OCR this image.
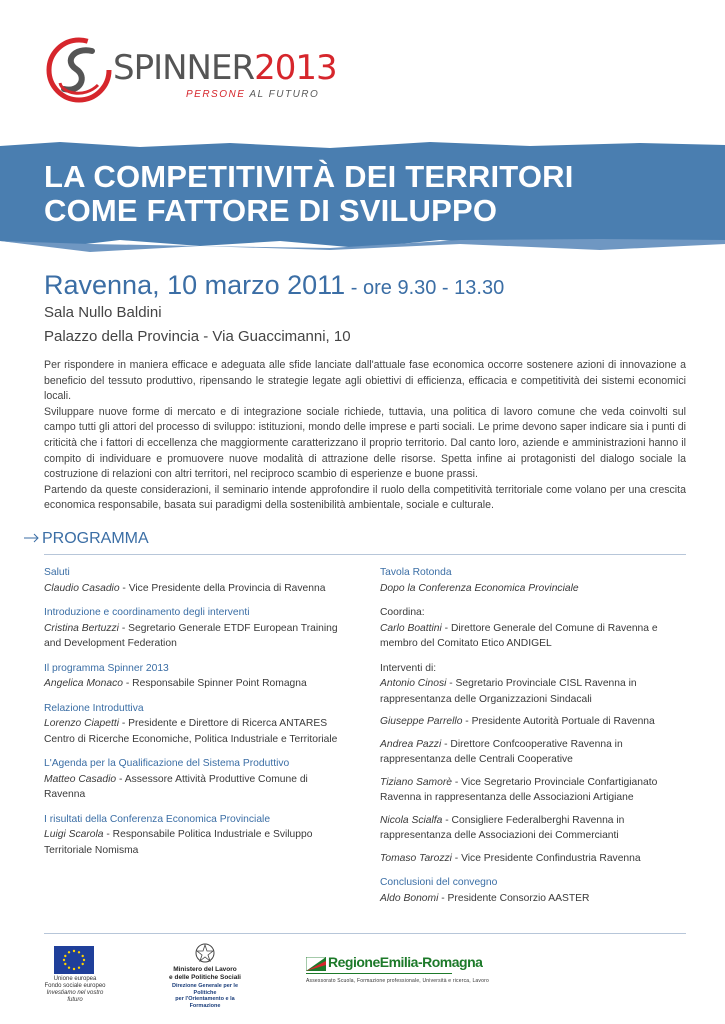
SPINNER2013
PERSONE AL FUTURO
LA COMPETITIVITÀ DEI TERRITORI
COME FATTORE DI SVILUPPO
Ravenna, 10 marzo 2011 - ore 9.30 - 13.30
Sala Nullo Baldini
Palazzo della Provincia - Via Guaccimanni, 10

Per rispondere in maniera efficace e adeguata alle sfide lanciate dall'attuale fase economica occorre sostenere azioni di innovazione a beneficio del tessuto produttivo, ripensando le strategie legate agli obiettivi di efficienza, efficacia e competitività dei sistemi economici locali.

Sviluppare nuove forme di mercato e di integrazione sociale richiede, tuttavia, una politica di lavoro comune che veda coinvolti sul campo tutti gli attori del processo di sviluppo: istituzioni, mondo delle imprese e parti sociali. Le prime devono saper indicare sia i punti di criticità che i fattori di eccellenza che maggiormente caratterizzano il proprio territorio. Dal canto loro, aziende e amministrazioni hanno il compito di individuare e promuovere nuove modalità di attrazione delle risorse. Spetta infine ai protagonisti del dialogo sociale la costruzione di relazioni con altri territori, nel reciproco scambio di esperienze e buone prassi.

Partendo da queste considerazioni, il seminario intende approfondire il ruolo della competitività territoriale come volano per una crescita economica responsabile, basata sui paradigmi della sostenibilità ambientale, sociale e culturale.

PROGRAMMA
Saluti
Claudio Casadio - Vice Presidente della Provincia di Ravenna
Introduzione e coordinamento degli interventi
Cristina Bertuzzi - Segretario Generale ETDF European Training and Development Federation
Il programma Spinner 2013
Angelica Monaco - Responsabile Spinner Point Romagna
Relazione Introduttiva
Lorenzo Ciapetti - Presidente e Direttore di Ricerca ANTARES Centro di Ricerche Economiche, Politica Industriale e Territoriale
L'Agenda per la Qualificazione del Sistema Produttivo
Matteo Casadio - Assessore Attività Produttive Comune di Ravenna
I risultati della Conferenza Economica Provinciale
Luigi Scarola - Responsabile Politica Industriale e Sviluppo Territoriale Nomisma
Tavola Rotonda
Dopo la Conferenza Economica Provinciale
Coordina:
Carlo Boattini - Direttore Generale del Comune di Ravenna e membro del Comitato Etico ANDIGEL
Interventi di:
Antonio Cinosi - Segretario Provinciale CISL Ravenna in rappresentanza delle Organizzazioni Sindacali
Giuseppe Parrello - Presidente Autorità Portuale di Ravenna
Andrea Pazzi - Direttore Confcooperative Ravenna in rappresentanza delle Centrali Cooperative
Tiziano Samorè - Vice Segretario Provinciale Confartigianato Ravenna in rappresentanza delle Associazioni Artigiane
Nicola Scialfa - Consigliere Federalberghi Ravenna in rappresentanza delle Associazioni dei Commercianti
Tomaso Tarozzi - Vice Presidente Confindustria Ravenna
Conclusioni del convegno
Aldo Bonomi - Presidente Consorzio AASTER
Unione europea
Fondo sociale europeo
Investiamo nel vostro futuro
Ministero del Lavoro
e delle Politiche Sociali
Direzione Generale per le Politiche
per l'Orientamento e la Formazione
RegioneEmilia-Romagna
Assessorato Scuola, Formazione professionale, Università e ricerca, Lavoro
